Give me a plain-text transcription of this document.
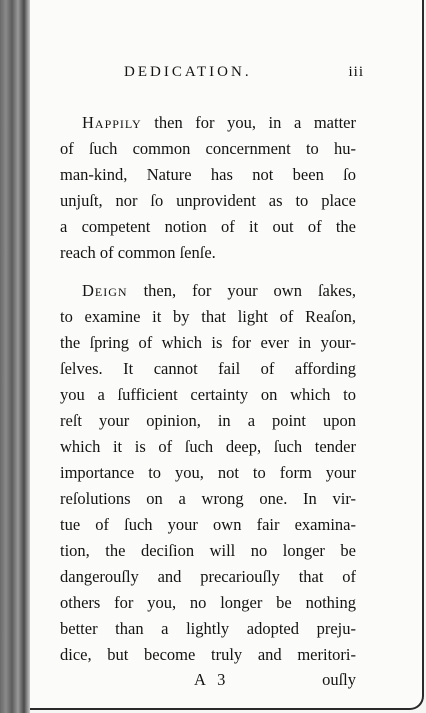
DEDICATION.	iii
Happily then for you, in a matter
of ſuch common concernment to hu-
man-kind, Nature has not been ſo
unjuſt, nor ſo unprovident as to place
a competent notion of it out of the
reach of common ſenſe.
Deign then, for your own ſakes,
to examine it by that light of Reaſon,
the ſpring of which is for ever in your-
ſelves. It cannot fail of affording
you a ſufficient certainty on which to
reſt your opinion, in a point upon
which it is of ſuch deep, ſuch tender
importance to you, not to form your
reſolutions on a wrong one. In vir-
tue of ſuch your own fair examina-
tion, the deciſion will no longer be
dangerouſly and precariouſly that of
others for you, no longer be nothing
better than a lightly adopted preju-
dice, but become truly and meritori-
A 3	ouſly
